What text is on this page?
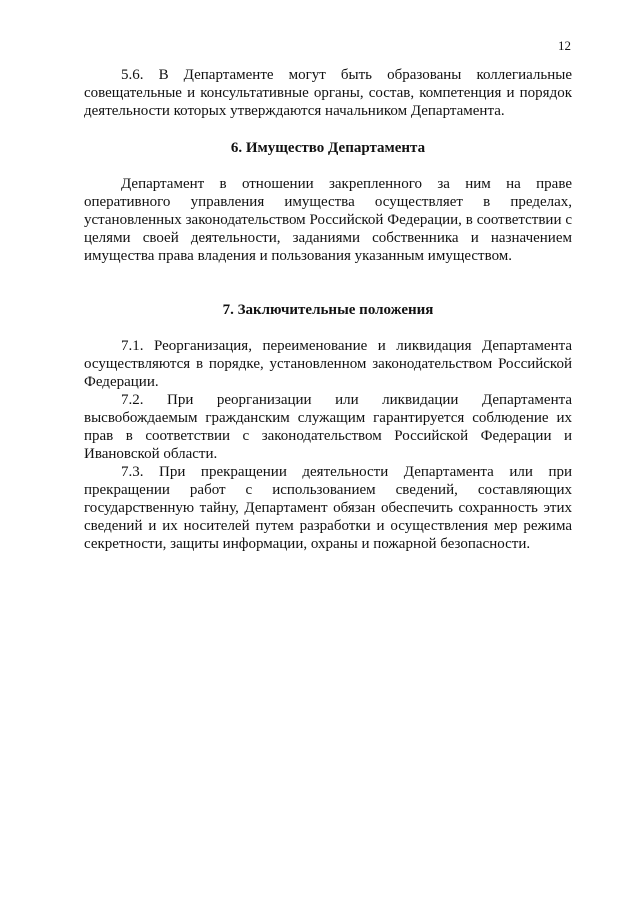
12

5.6. В Департаменте могут быть образованы коллегиальные совещательные и консультативные органы, состав, компетенция и порядок деятельности которых утверждаются начальником Департамента.

6. Имущество Департамента

Департамент в отношении закрепленного за ним на праве оперативного управления имущества осуществляет в пределах, установленных законодательством Российской Федерации, в соответствии с целями своей деятельности, заданиями собственника и назначением имущества права владения и пользования указанным имуществом.

7. Заключительные положения

7.1. Реорганизация, переименование и ликвидация Департамента осуществляются в порядке, установленном законодательством Российской Федерации.

7.2. При реорганизации или ликвидации Департамента высвобождаемым гражданским служащим гарантируется соблюдение их прав в соответствии с законодательством Российской Федерации и Ивановской области.

7.3. При прекращении деятельности Департамента или при прекращении работ с использованием сведений, составляющих государственную тайну, Департамент обязан обеспечить сохранность этих сведений и их носителей путем разработки и осуществления мер режима секретности, защиты информации, охраны и пожарной безопасности.
